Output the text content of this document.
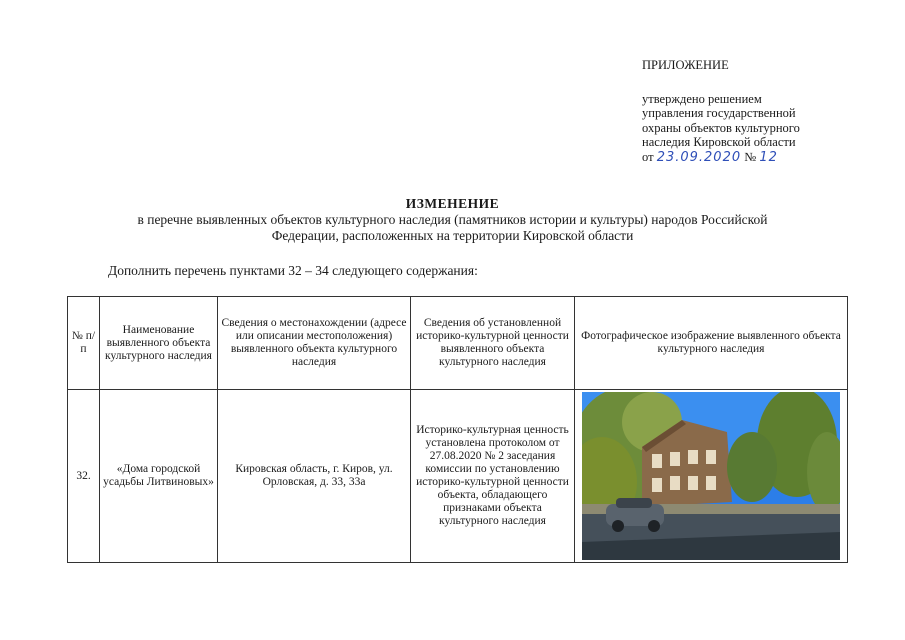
ПРИЛОЖЕНИЕ
утверждено решением
управления государственной
охраны объектов культурного
наследия Кировской области
от 23.09.2020 № 12
ИЗМЕНЕНИЕ
в перечне выявленных объектов культурного наследия (памятников истории и культуры) народов Российской
Федерации, расположенных на территории Кировской области
Дополнить перечень пунктами 32 – 34 следующего содержания:
№ п/п	Наименование выявленного объекта культурного наследия	Сведения о местонахождении (адресе или описании местоположения) выявленного объекта культурного наследия	Сведения об установленной историко-культурной ценности выявленного объекта культурного наследия	Фотографическое изображение выявленного объекта культурного наследия
32.	«Дома городской усадьбы Литвиновых»	Кировская область, г. Киров, ул. Орловская, д. 33, 33а	Историко-культурная ценность установлена протоколом от 27.08.2020 № 2 заседания комиссии по установлению историко-культурной ценности объекта, обладающего признаками объекта культурного наследия	
